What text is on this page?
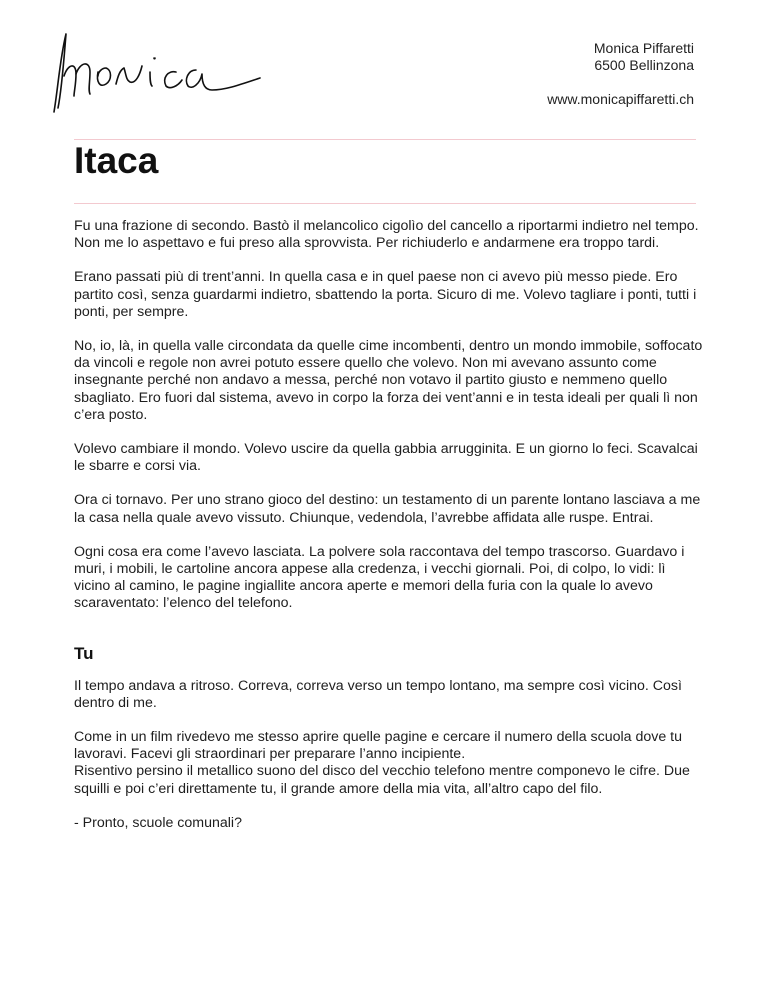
Monica Piffaretti
6500 Bellinzona
www.monicapiffaretti.ch
Itaca

Fu una frazione di secondo. Bastò il melancolico cigolìo del cancello a riportarmi indietro nel tempo. Non me lo aspettavo e fui preso alla sprovvista. Per richiuderlo e andarmene era troppo tardi.

Erano passati più di trent’anni. In quella casa e in quel paese non ci avevo più messo piede. Ero partito così, senza guardarmi indietro, sbattendo la porta. Sicuro di me. Volevo tagliare i ponti, tutti i ponti, per sempre.

No, io, là, in quella valle circondata da quelle cime incombenti, dentro un mondo immobile, soffocato da vincoli e regole non avrei potuto essere quello che volevo. Non mi avevano assunto come insegnante perché non andavo a messa, perché non votavo il partito giusto e nemmeno quello sbagliato. Ero fuori dal sistema, avevo in corpo la forza dei vent’anni e in testa ideali per quali lì non c’era posto.

Volevo cambiare il mondo. Volevo uscire da quella gabbia arrugginita. E un giorno lo feci. Scavalcai le sbarre e corsi via.

Ora ci tornavo. Per uno strano gioco del destino: un testamento di un parente lontano lasciava a me la casa nella quale avevo vissuto. Chiunque, vedendola, l’avrebbe affidata alle ruspe. Entrai.

Ogni cosa era come l’avevo lasciata. La polvere sola raccontava del tempo trascorso. Guardavo i muri, i mobili, le cartoline ancora appese alla credenza, i vecchi giornali. Poi, di colpo, lo vidi: lì vicino al camino, le pagine ingiallite ancora aperte e memori della furia con la quale lo avevo scaraventato: l’elenco del telefono.

Tu

Il tempo andava a ritroso. Correva, correva verso un tempo lontano, ma sempre così vicino. Così dentro di me.

Come in un film rivedevo me stesso aprire quelle pagine e cercare il numero della scuola dove tu lavoravi. Facevi gli straordinari per preparare l’anno incipiente.

Risentivo persino il metallico suono del disco del vecchio telefono mentre componevo le cifre. Due squilli e poi c’eri direttamente tu, il grande amore della mia vita, all’altro capo del filo.

- Pronto, scuole comunali?
